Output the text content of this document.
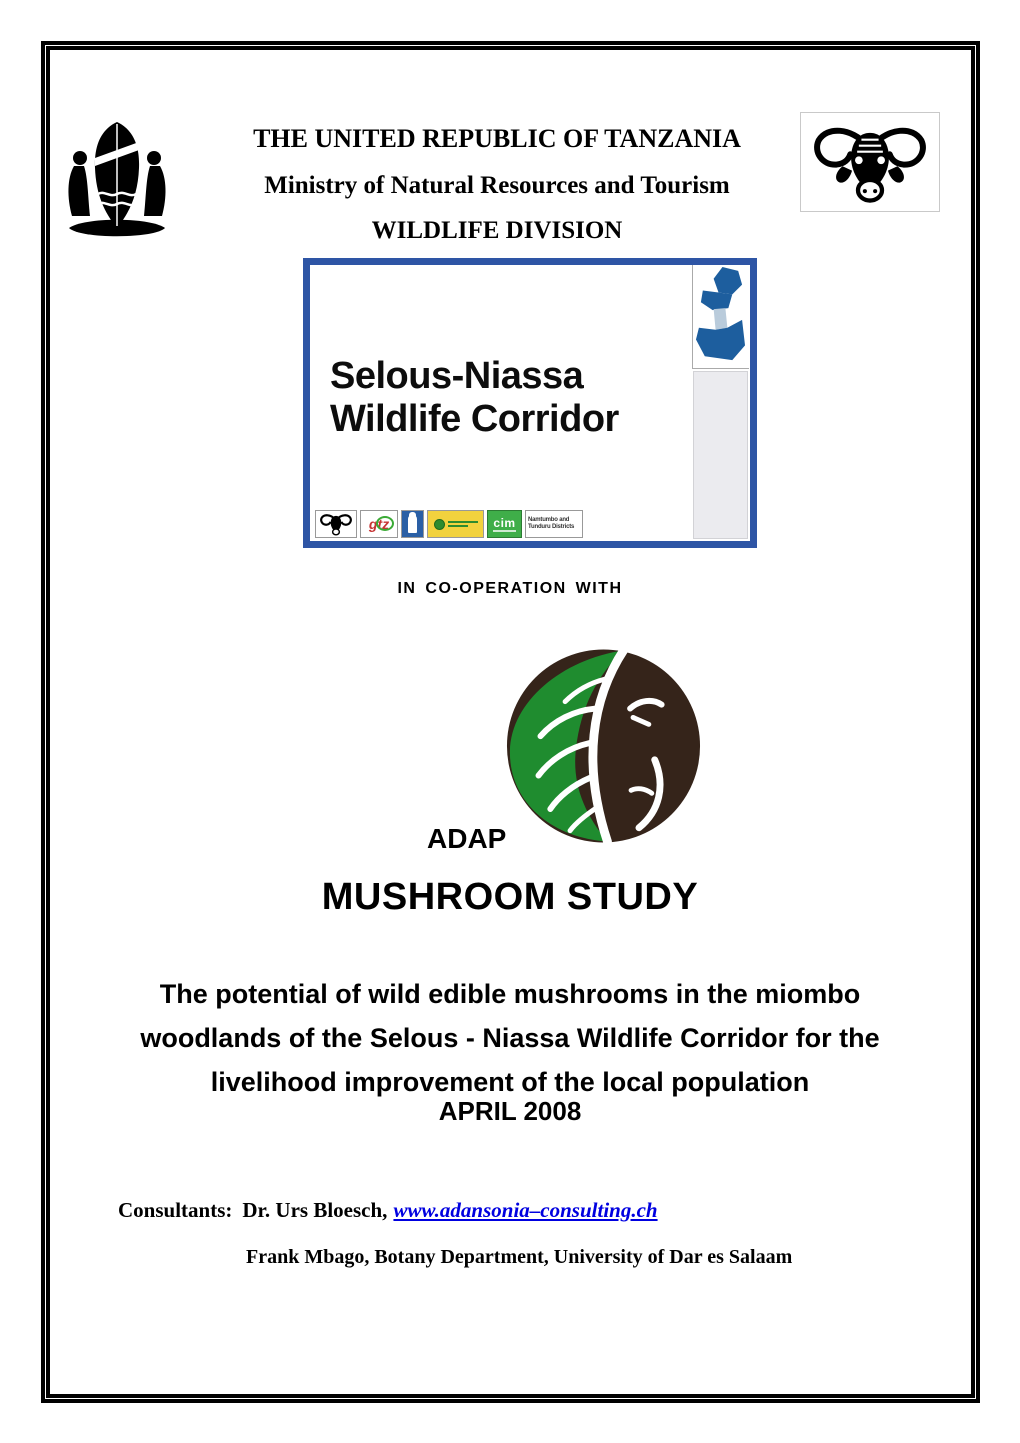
THE UNITED REPUBLIC OF TANZANIA
Ministry of Natural Resources and Tourism
WILDLIFE DIVISION
Selous-Niassa
Wildlife Corridor
gtz	cim Namtumbo and
Tunduru Districts
IN CO-OPERATION WITH
ADAP
MUSHROOM STUDY
The potential of wild edible mushrooms in the miombo
woodlands of the Selous - Niassa Wildlife Corridor for the
livelihood improvement of the local population
APRIL 2008
Consultants: Dr. Urs Bloesch, www.adansonia–consulting.ch
Frank Mbago, Botany Department, University of Dar es Salaam
